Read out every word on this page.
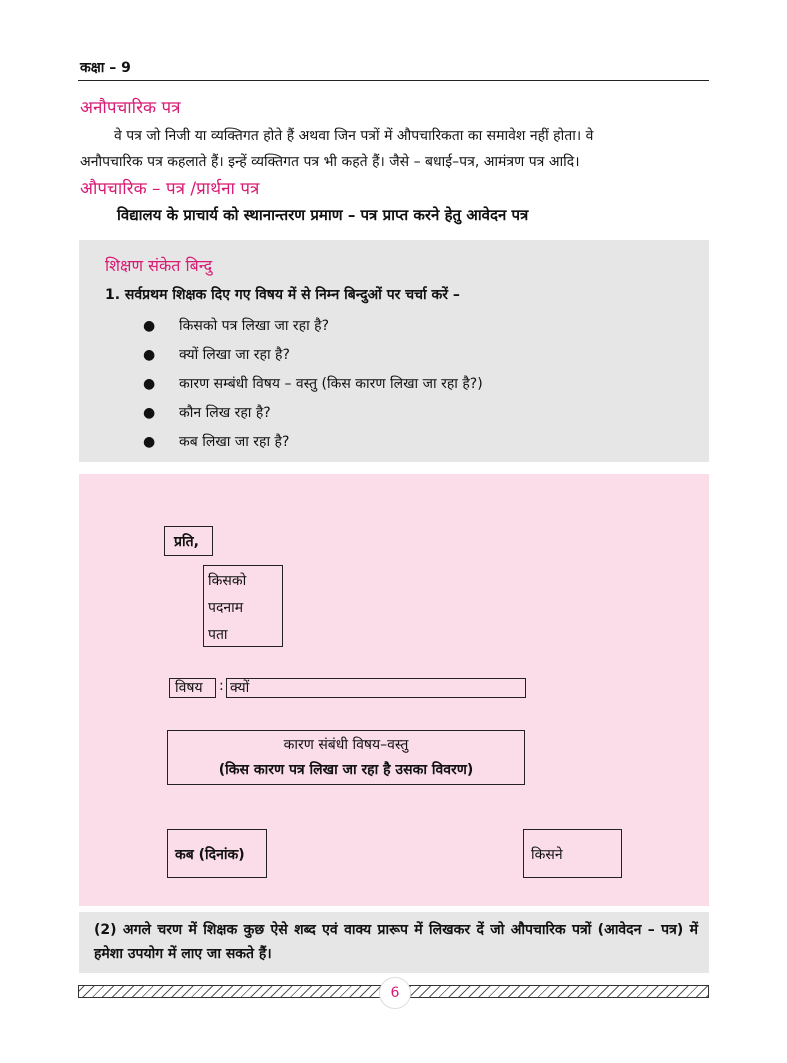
कक्षा – 9
अनौपचारिक पत्र
वे पत्र जो निजी या व्यक्तिगत होते हैं अथवा जिन पत्रों में औपचारिकता का समावेश नहीं होता। वे
अनौपचारिक पत्र कहलाते हैं। इन्हें व्यक्तिगत पत्र भी कहते हैं। जैसे – बधाई–पत्र, आमंत्रण पत्र आदि।
औपचारिक – पत्र /प्रार्थना पत्र
विद्यालय के प्राचार्य को स्थानान्तरण प्रमाण – पत्र प्राप्त करने हेतु आवेदन पत्र
शिक्षण संकेत बिन्दु
1. सर्वप्रथम शिक्षक दिए गए विषय में से निम्न बिन्दुओं पर चर्चा करें –
● किसको पत्र लिखा जा रहा है?
● क्यों लिखा जा रहा है?
● कारण सम्बंधी विषय – वस्तु (किस कारण लिखा जा रहा है?)
● कौन लिख रहा है?
● कब लिखा जा रहा है?
प्रति,
किसको
पदनाम
पता
विषय	: क्यों
कारण संबंधी विषय–वस्तु
(किस कारण पत्र लिखा जा रहा है उसका विवरण)
कब (दिनांक)	किसने
(2) अगले चरण में शिक्षक कुछ ऐसे शब्द एवं वाक्य प्रारूप में लिखकर दें जो औपचारिक पत्रों (आवेदन – पत्र) में हमेशा उपयोग में लाए जा सकते हैं।
6
